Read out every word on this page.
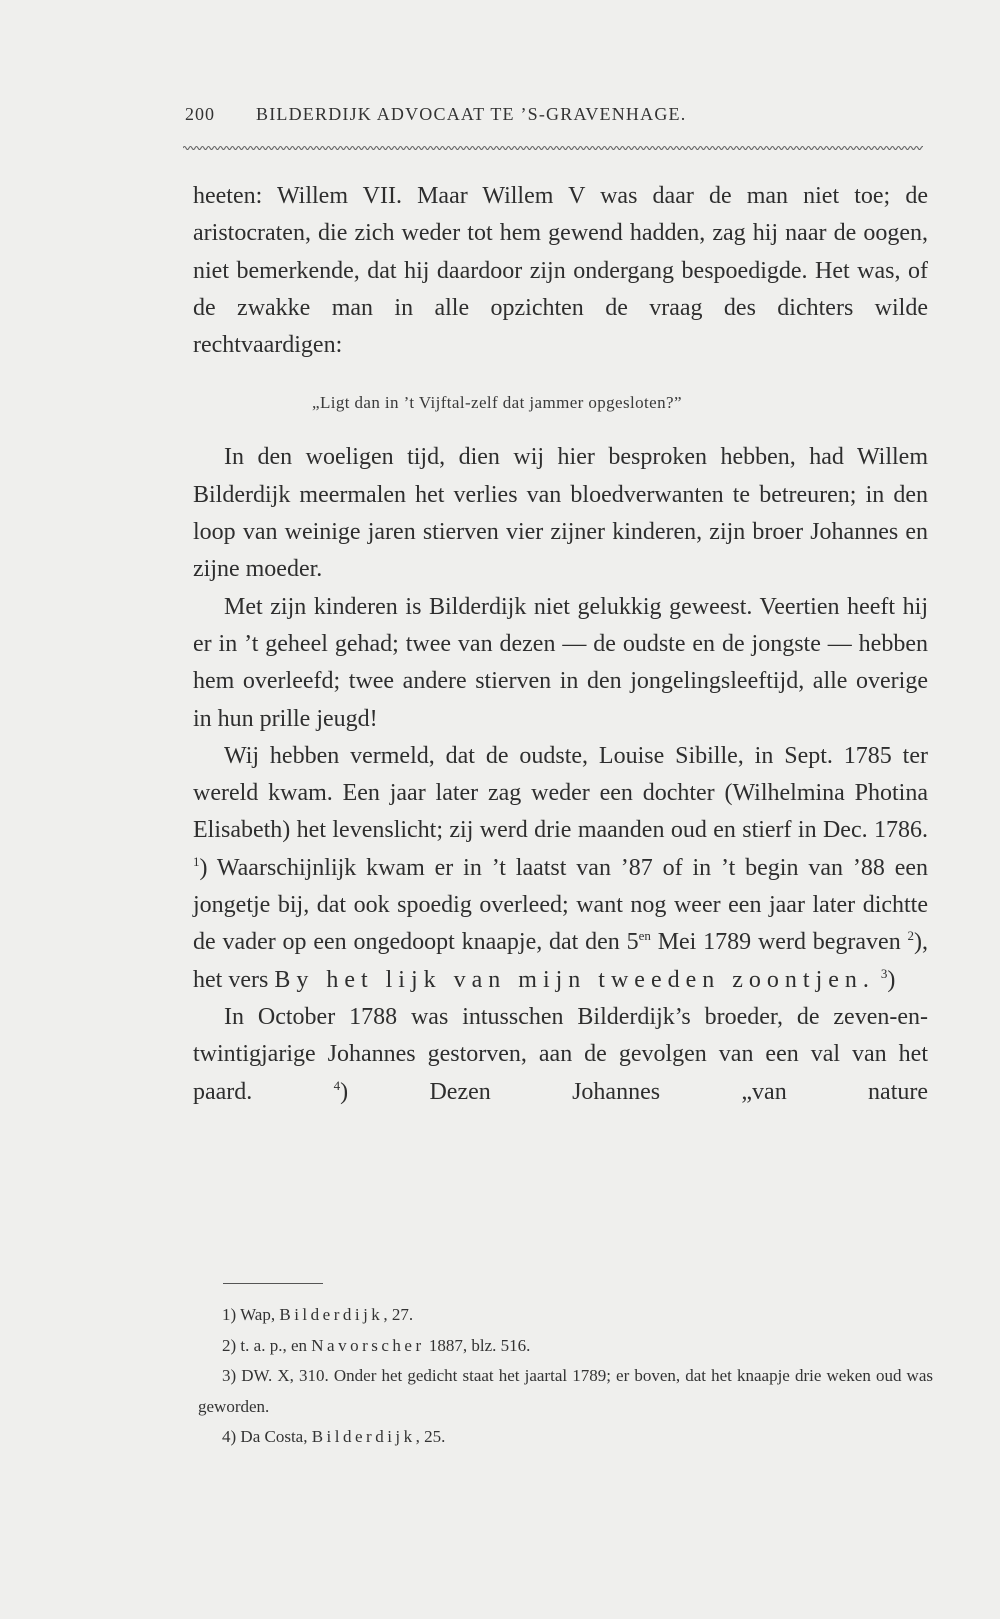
200 BILDERDIJK ADVOCAAT TE ’S-GRAVENHAGE.

heeten: Willem VII. Maar Willem V was daar de man niet toe; de aristocraten, die zich weder tot hem gewend hadden, zag hij naar de oogen, niet bemerkende, dat hij daardoor zijn ondergang bespoedigde. Het was, of de zwakke man in alle opzichten de vraag des dichters wilde rechtvaardigen:

In den woeligen tijd, dien wij hier besproken hebben, had Willem Bilderdijk meermalen het verlies van bloedverwanten te betreuren; in den loop van weinige jaren stierven vier zijner kinderen, zijn broer Johannes en zijne moeder.

Met zijn kinderen is Bilderdijk niet gelukkig geweest. Veertien heeft hij er in ’t geheel gehad; twee van dezen — de oudste en de jongste — hebben hem overleefd; twee andere stierven in den jongelingsleeftijd, alle overige in hun prille jeugd!

Wij hebben vermeld, dat de oudste, Louise Sibille, in Sept. 1785 ter wereld kwam. Een jaar later zag weder een dochter (Wilhelmina Photina Elisabeth) het levenslicht; zij werd drie maanden oud en stierf in Dec. 1786. $^1$) Waarschijnlijk kwam er in ’t laatst van ’87 of in ’t begin van ’88 een jongetje bij, dat ook spoedig overleed; want nog weer een jaar later dichtte de vader op een ongedoopt knaapje, dat den $5^{en}$ Mei 1789 werd begraven $^2$), het vers By het lijk van mijn tweeden zoontjen. $^3$)

In October 1788 was intusschen Bilderdijk’s broeder, de zeven-en-twintigjarige Johannes gestorven, aan de gevolgen van een val van het paard.	$^4$) Dezen Johannes „van nature

„Ligt dan in ’t Vijftal-zelf dat jammer opgesloten?”

1) Wap, Bilderdijk, 27.

2) t. a. p., en Navorscher 1887, blz. 516.

3) DW. X, 310. Onder het gedicht staat het jaartal 1789; er boven, dat het knaapje drie weken oud was geworden.

4) Da Costa, Bilderdijk, 25.
